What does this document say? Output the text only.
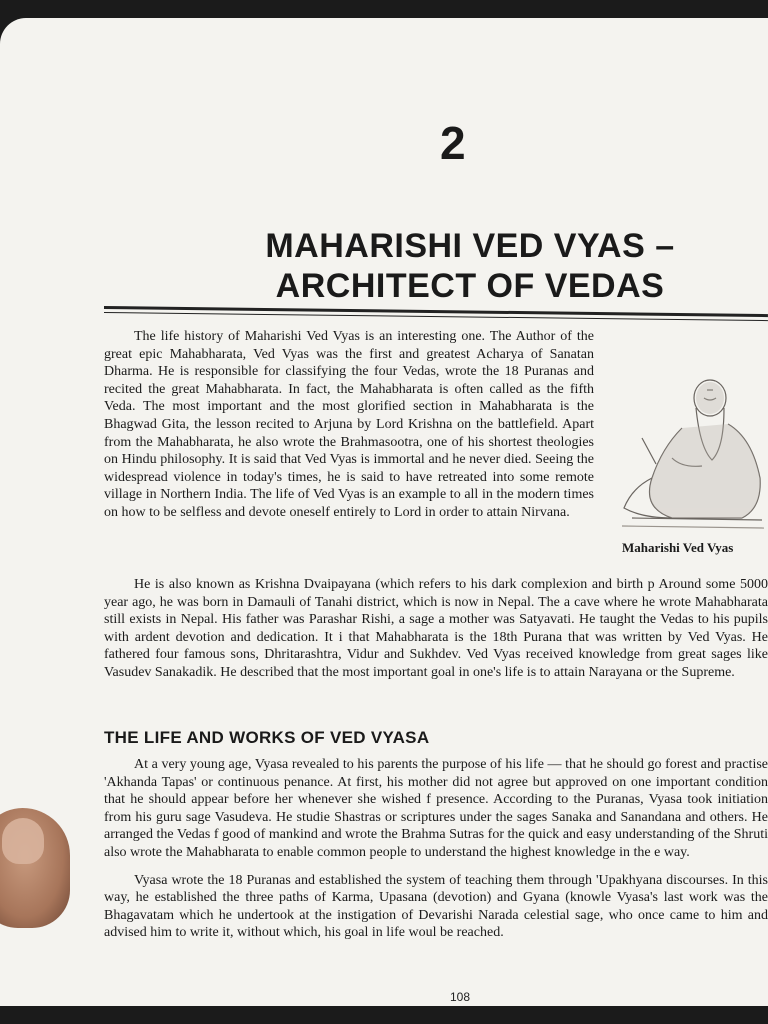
2
MAHARISHI VED VYAS –
ARCHITECT OF VEDAS

The life history of Maharishi Ved Vyas is an interesting one. The Author of the great epic Mahabharata, Ved Vyas was the first and greatest Acharya of Sanatan Dharma. He is responsible for classifying the four Vedas, wrote the 18 Puranas and recited the great Mahabharata. In fact, the Mahabharata is often called as the fifth Veda. The most important and the most glorified section in Mahabharata is the Bhagwad Gita, the lesson recited to Arjuna by Lord Krishna on the battlefield. Apart from the Mahabharata, he also wrote the Brahmasootra, one of his shortest theologies on Hindu philosophy. It is said that Ved Vyas is immortal and he never died. Seeing the widespread violence in today's times, he is said to have retreated into some remote village in Northern India. The life of Ved Vyas is an example to all in the modern times on how to be selfless and devote oneself entirely to Lord in order to attain Nirvana.

Maharishi Ved Vyas

He is also known as Krishna Dvaipayana (which refers to his dark complexion and birth p Around some 5000 year ago, he was born in Damauli of Tanahi district, which is now in Nepal. The a cave where he wrote Mahabharata still exists in Nepal. His father was Parashar Rishi, a sage a mother was Satyavati. He taught the Vedas to his pupils with ardent devotion and dedication. It i that Mahabharata is the 18th Purana that was written by Ved Vyas. He fathered four famous sons, Dhritarashtra, Vidur and Sukhdev. Ved Vyas received knowledge from great sages like Vasudev Sanakadik. He described that the most important goal in one's life is to attain Narayana or the Supreme.

THE LIFE AND WORKS OF VED VYASA

At a very young age, Vyasa revealed to his parents the purpose of his life — that he should go forest and practise 'Akhanda Tapas' or continuous penance. At first, his mother did not agree but approved on one important condition that he should appear before her whenever she wished f presence. According to the Puranas, Vyasa took initiation from his guru sage Vasudeva. He studie Shastras or scriptures under the sages Sanaka and Sanandana and others. He arranged the Vedas f good of mankind and wrote the Brahma Sutras for the quick and easy understanding of the Shruti also wrote the Mahabharata to enable common people to understand the highest knowledge in the e way.

Vyasa wrote the 18 Puranas and established the system of teaching them through 'Upakhyana discourses. In this way, he established the three paths of Karma, Upasana (devotion) and Gyana (knowle Vyasa's last work was the Bhagavatam which he undertook at the instigation of Devarishi Narada celestial sage, who once came to him and advised him to write it, without which, his goal in life woul be reached.

108
